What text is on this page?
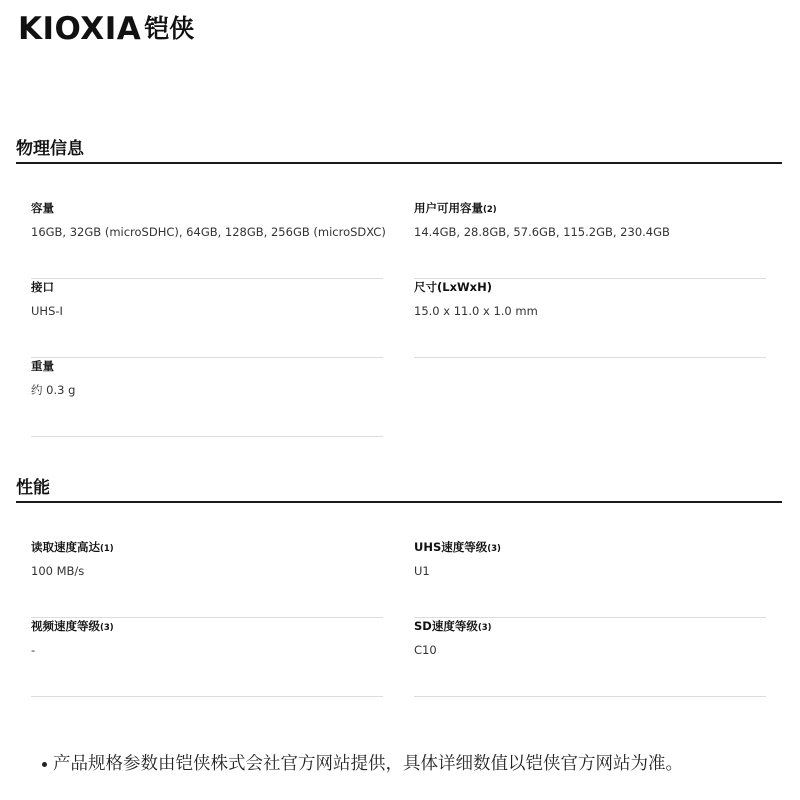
KIOXIA 铠侠
物理信息
容量
16GB, 32GB (microSDHC), 64GB, 128GB, 256GB (microSDXC)
用户可用容量(2)
14.4GB, 28.8GB, 57.6GB, 115.2GB, 230.4GB
接口
UHS-I
尺寸(LxWxH)
15.0 x 11.0 x 1.0 mm
重量
约 0.3 g
性能
读取速度高达(1)
100 MB/s
UHS速度等级(3)
U1
视频速度等级(3)
-
SD速度等级(3)
C10
产品规格参数由铠侠株式会社官方网站提供，具体详细数值以铠侠官方网站为准。
